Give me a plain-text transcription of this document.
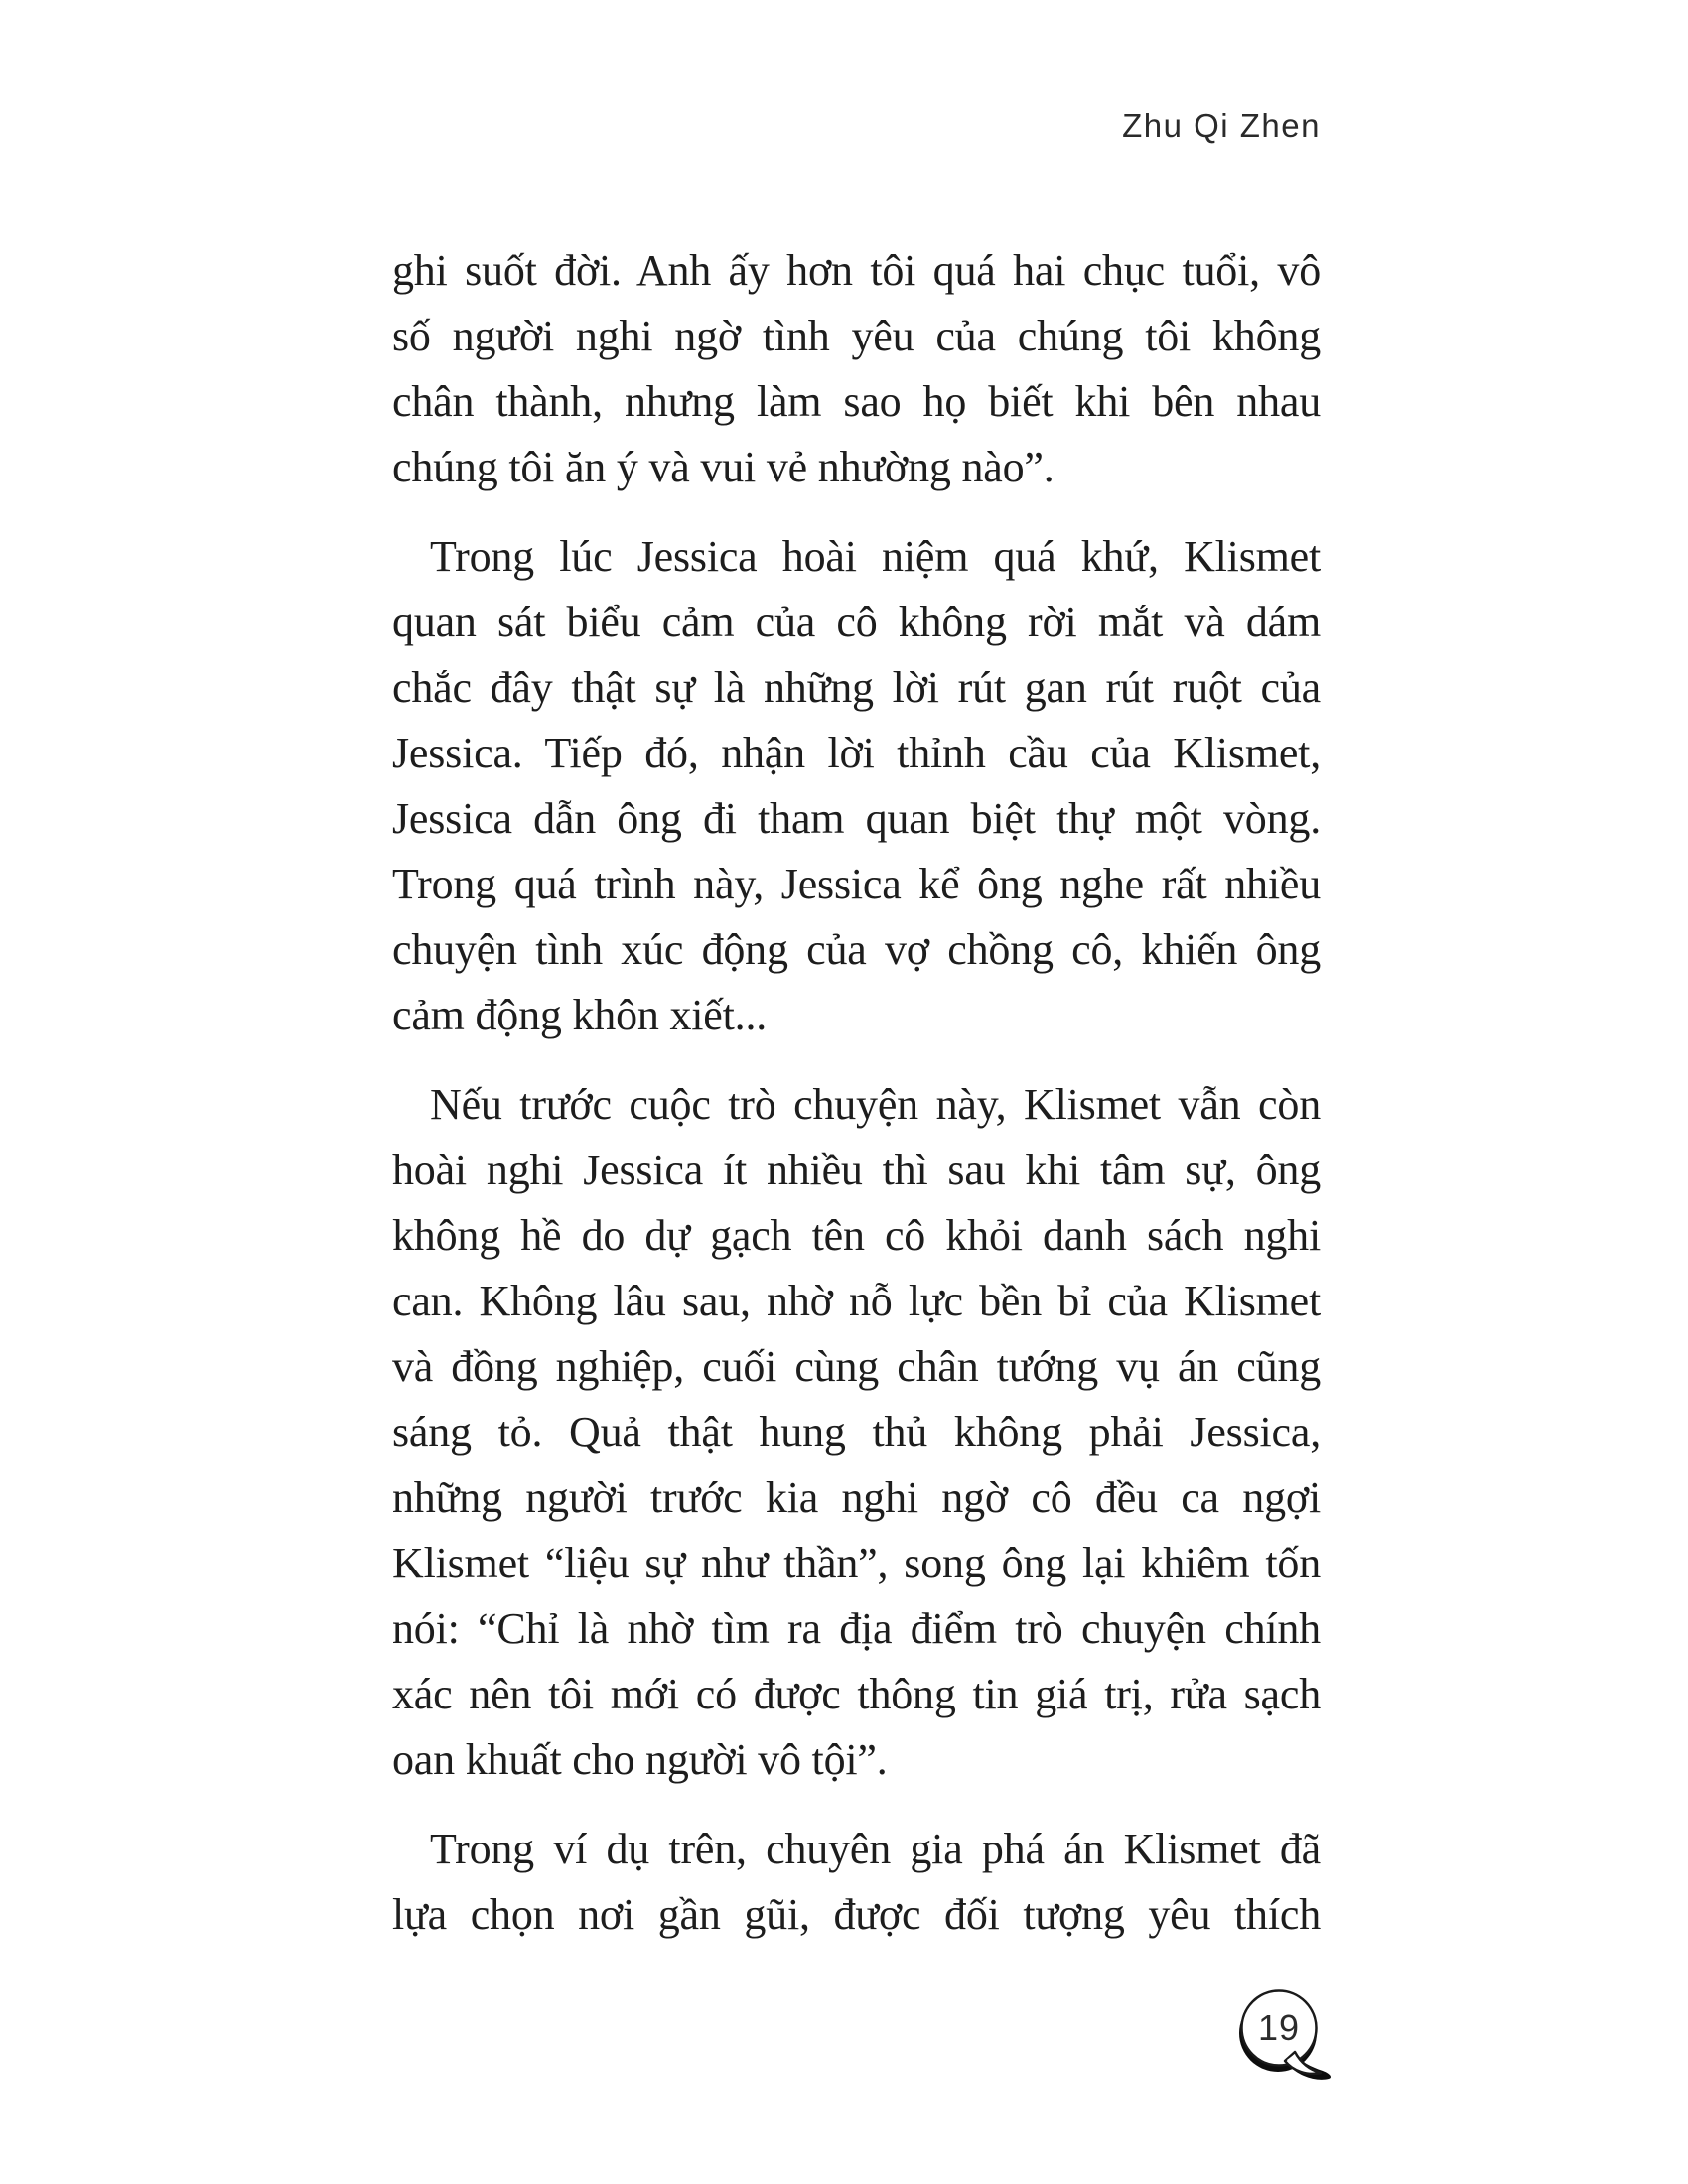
Zhu Qi Zhen
ghi suốt đời. Anh ấy hơn tôi quá hai chục tuổi, vô
số người nghi ngờ tình yêu của chúng tôi không
chân thành, nhưng làm sao họ biết khi bên nhau
chúng tôi ăn ý và vui vẻ nhường nào”.
Trong lúc Jessica hoài niệm quá khứ, Klismet
quan sát biểu cảm của cô không rời mắt và dám
chắc đây thật sự là những lời rút gan rút ruột của
Jessica. Tiếp đó, nhận lời thỉnh cầu của Klismet,
Jessica dẫn ông đi tham quan biệt thự một vòng.
Trong quá trình này, Jessica kể ông nghe rất nhiều
chuyện tình xúc động của vợ chồng cô, khiến ông
cảm động khôn xiết...
Nếu trước cuộc trò chuyện này, Klismet vẫn còn
hoài nghi Jessica ít nhiều thì sau khi tâm sự, ông
không hề do dự gạch tên cô khỏi danh sách nghi
can. Không lâu sau, nhờ nỗ lực bền bỉ của Klismet
và đồng nghiệp, cuối cùng chân tướng vụ án cũng
sáng tỏ. Quả thật hung thủ không phải Jessica,
những người trước kia nghi ngờ cô đều ca ngợi
Klismet “liệu sự như thần”, song ông lại khiêm tốn
nói: “Chỉ là nhờ tìm ra địa điểm trò chuyện chính
xác nên tôi mới có được thông tin giá trị, rửa sạch
oan khuất cho người vô tội”.
Trong ví dụ trên, chuyên gia phá án Klismet đã
lựa chọn nơi gần gũi, được đối tượng yêu thích
19
